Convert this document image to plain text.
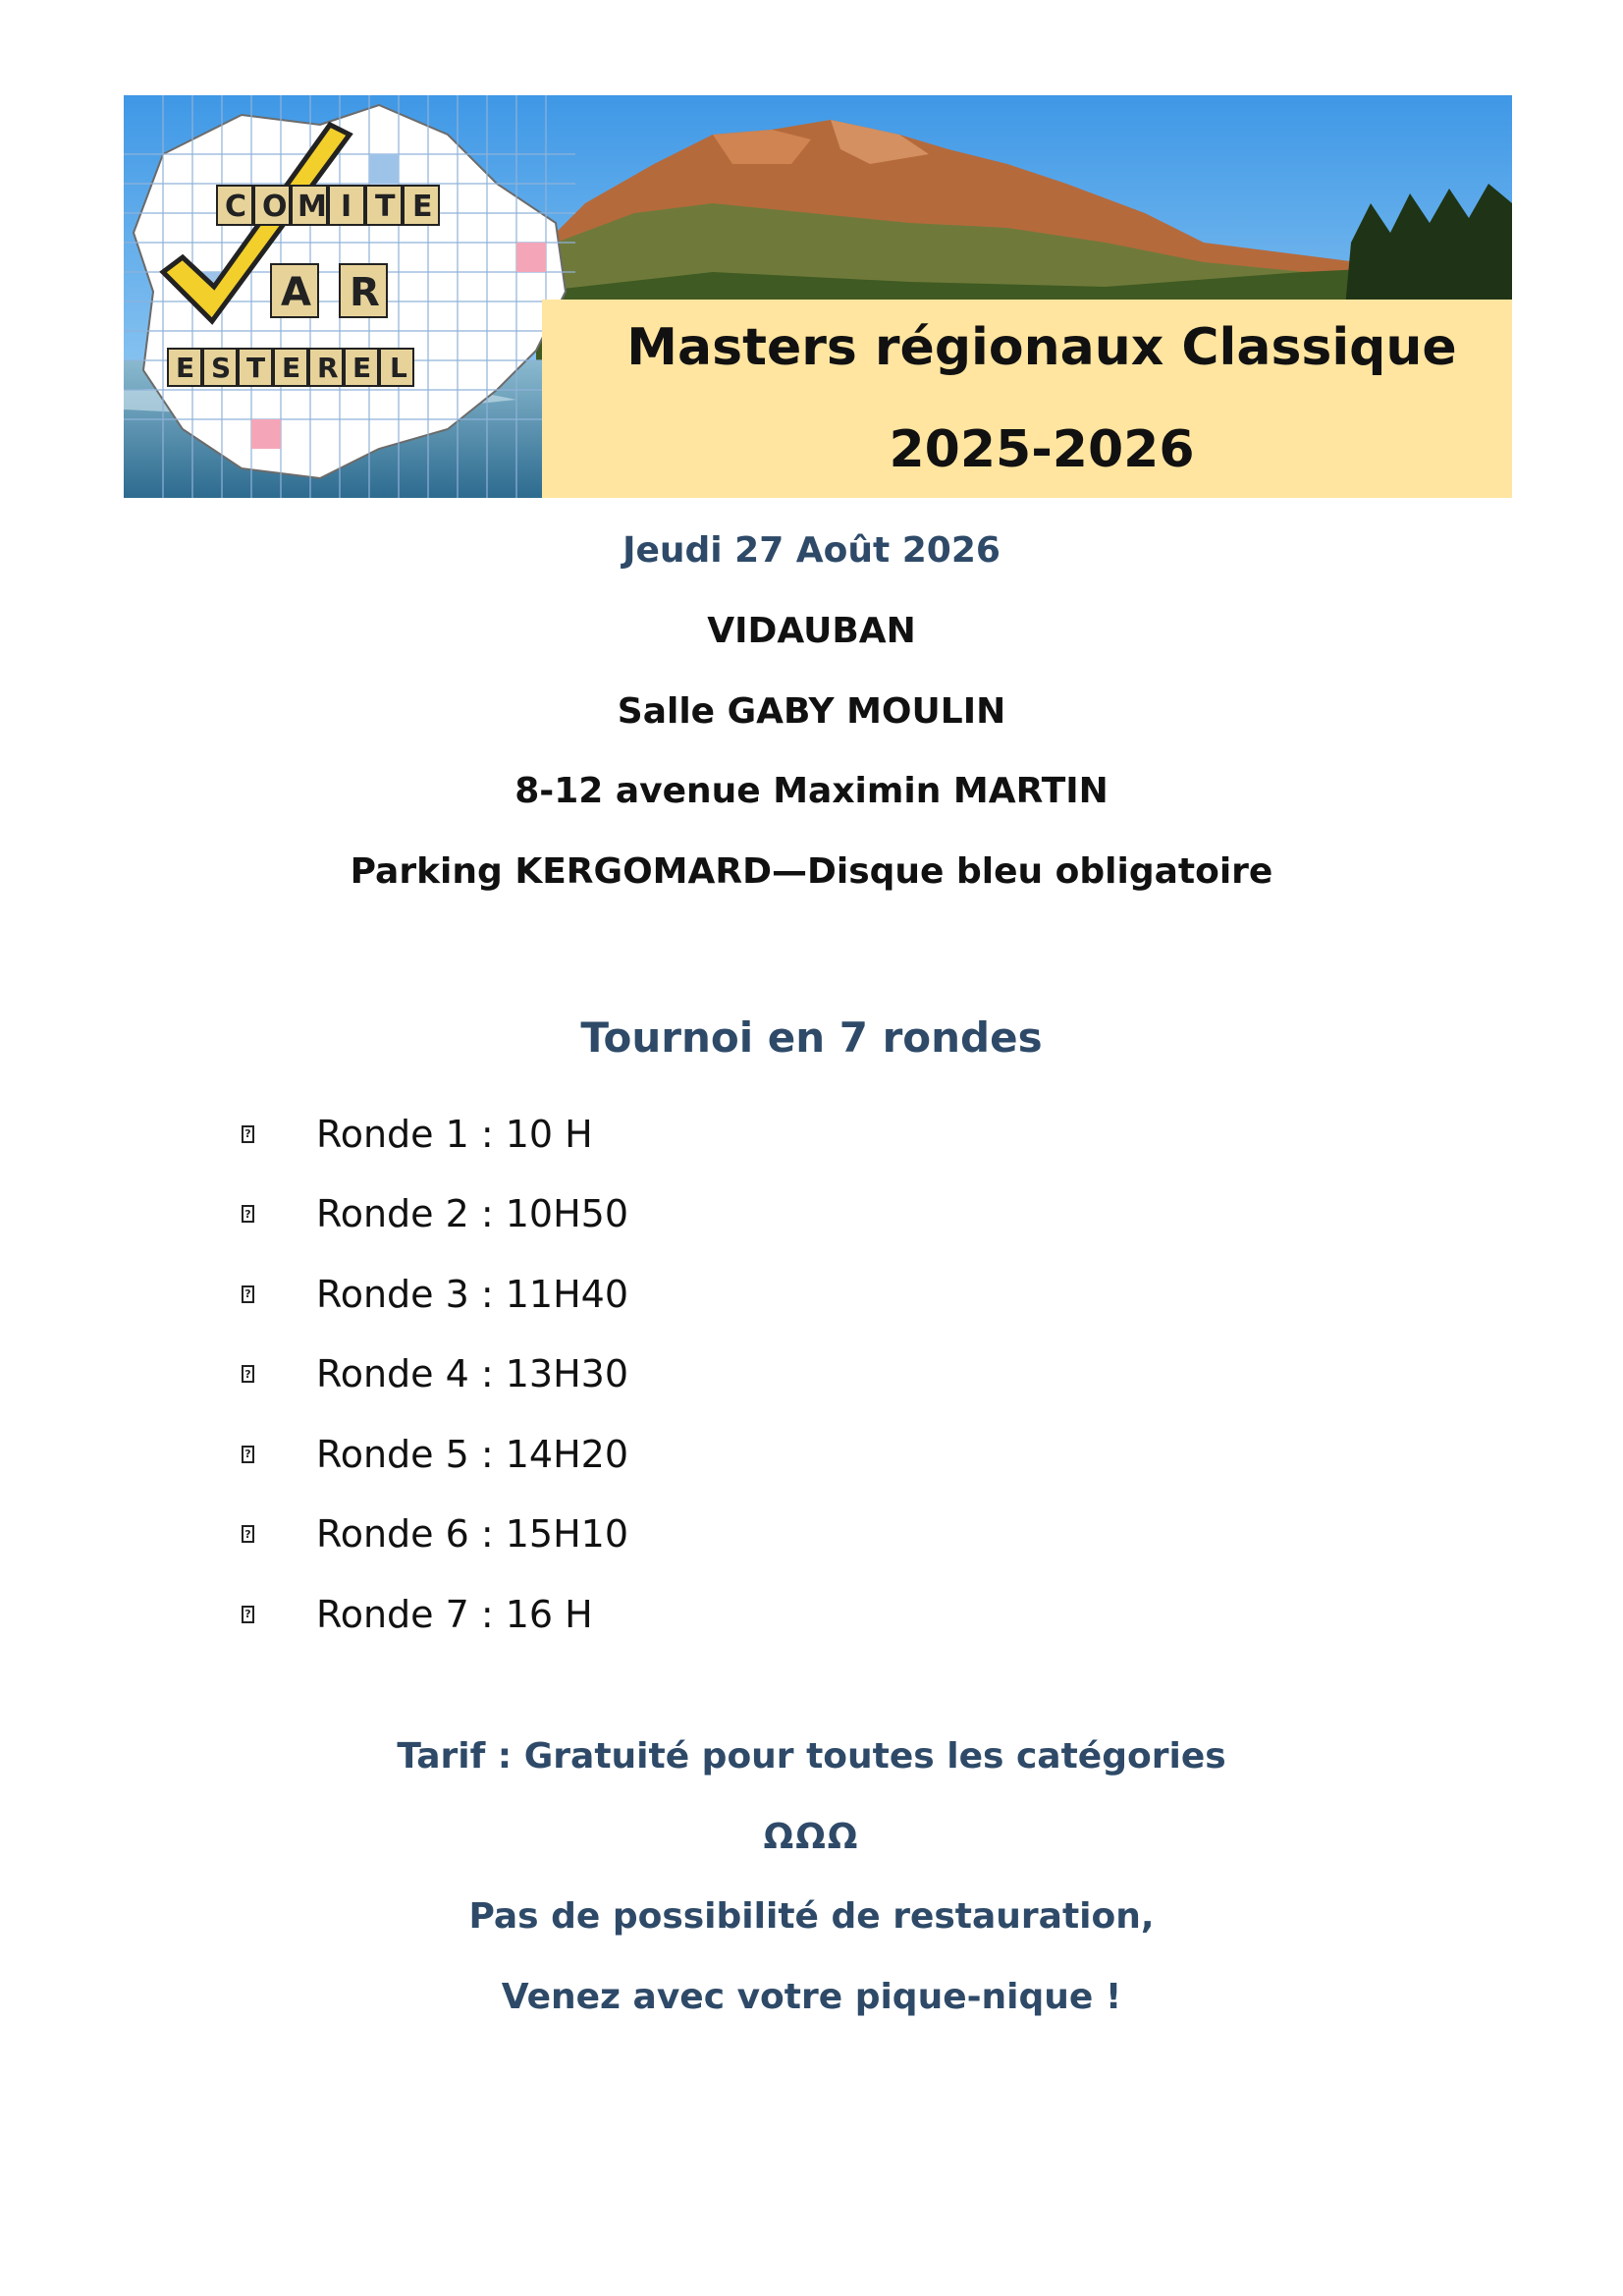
C O M I T E
A R
E S T E R E L	Masters régionaux Classique
2025-2026
Jeudi 27 Août 2026
VIDAUBAN
Salle GABY MOULIN
8-12 avenue Maximin MARTIN
Parking KERGOMARD—Disque bleu obligatoire
Tournoi en 7 rondes
? Ronde 1 : 10 H
? Ronde 2 : 10H50
? Ronde 3 : 11H40
? Ronde 4 : 13H30
? Ronde 5 : 14H20
? Ronde 6 : 15H10
? Ronde 7 : 16 H
Tarif : Gratuité pour toutes les catégories
ΩΩΩ
Pas de possibilité de restauration,
Venez avec votre pique-nique !
